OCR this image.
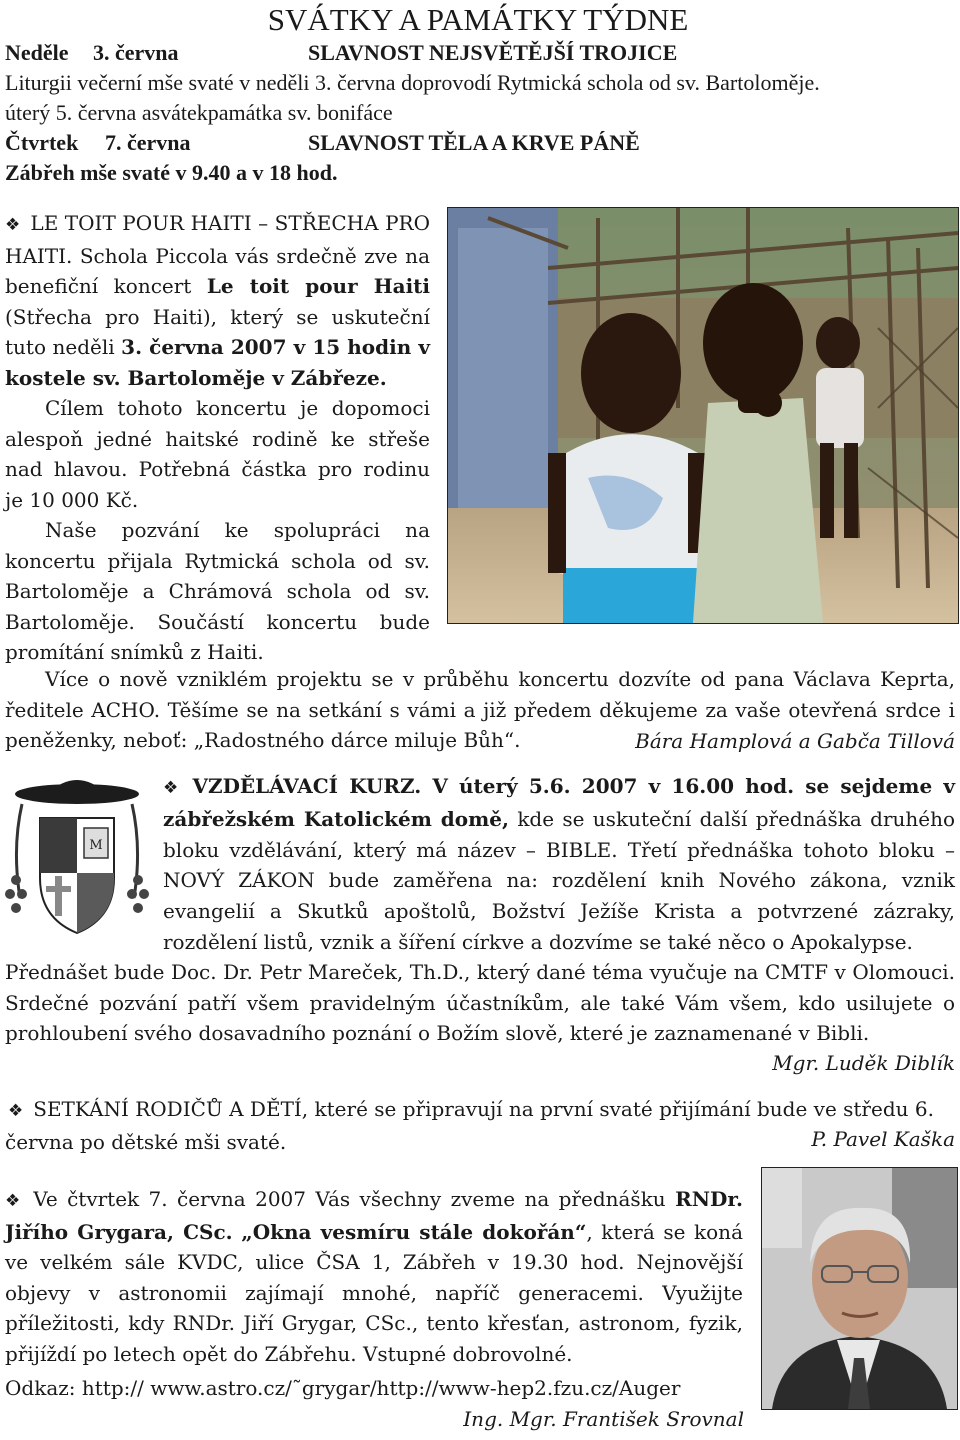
SVÁTKY A PAMÁTKY TÝDNE
Neděle 3. června	SLAVNOST NEJSVĚTĚJŠÍ TROJICE
Liturgii večerní mše svaté v neděli 3. června doprovodí Rytmická schola od sv. Bartoloměje.
úterý 5. června asvátekpamátka sv. bonifáce
Čtvrtek 7. června	SLAVNOST TĚLA A KRVE PÁNĚ
Zábřeh mše svaté v 9.40 a v 18 hod.

❖ LE TOIT POUR HAITI – STŘECHA PRO HAITI. Schola Piccola vás srdečně zve na benefiční koncert Le toit pour Haiti (Střecha pro Haiti), který se uskuteční tuto neděli 3. června 2007 v 15 hodin v kostele sv. Bartoloměje v Zábřeze.

Cílem tohoto koncertu je dopomoci alespoň jedné haitské rodině ke střeše nad hlavou. Potřebná částka pro rodinu je 10 000 Kč.

Naše pozvání ke spolupráci na koncertu přijala Rytmická schola od sv. Bartoloměje a Chrámová schola od sv. Bartoloměje. Součástí koncertu bude promítání snímků z Haiti.

Více o nově vzniklém projektu se v průběhu koncertu dozvíte od pana Václava Keprta, ředitele ACHO. Těšíme se na setkání s vámi a již předem děkujeme za vaše otevřená srdce i peněženky, neboť: „Radostného dárce miluje Bůh“.	Bára Hamplová a Gabča Tillová
M

❖ VZDĚLÁVACÍ KURZ. V úterý 5.6. 2007 v 16.00 hod. se sejdeme v zábřežském Katolickém domě, kde se uskuteční další přednáška druhého bloku vzdělávání, který má název – BIBLE. Třetí přednáška tohoto bloku – NOVÝ ZÁKON bude zaměřena na: rozdělení knih Nového zákona, vznik evangelií a Skutků apoštolů, Božství Ježíše Krista a potvrzené zázraky, rozdělení listů, vznik a šíření církve a dozvíme se také něco o Apokalypse.

Přednášet bude Doc. Dr. Petr Mareček, Th.D., který dané téma vyučuje na CMTF v Olomouci. Srdečné pozvání patří všem pravidelným účastníkům, ale také Vám všem, kdo usilujete o prohloubení svého dosavadního poznání o Božím slově, které je zaznamenané v Bibli.

Mgr. Luděk Diblík

❖ SETKÁNÍ RODIČŮ A DĚTÍ, které se připravují na první svaté přijímání bude ve středu 6. června po dětské mši svaté.	P. Pavel Kaška

❖ Ve čtvrtek 7. června 2007 Vás všechny zveme na přednášku RNDr. Jiřího Grygara, CSc. „Okna vesmíru stále dokořán“, která se koná ve velkém sále KVDC, ulice ČSA 1, Zábřeh v 19.30 hod. Nejnovější objevy v astronomii zajímají mnohé, napříč generacemi. Využijte příležitosti, kdy RNDr. Jiří Grygar, CSc., tento křesťan, astronom, fyzik, přijíždí po letech opět do Zábřehu. Vstupné dobrovolné.

Odkaz: http:// www.astro.cz/˜grygar/http://www-hep2.fzu.cz/Auger
Ing. Mgr. František Srovnal
